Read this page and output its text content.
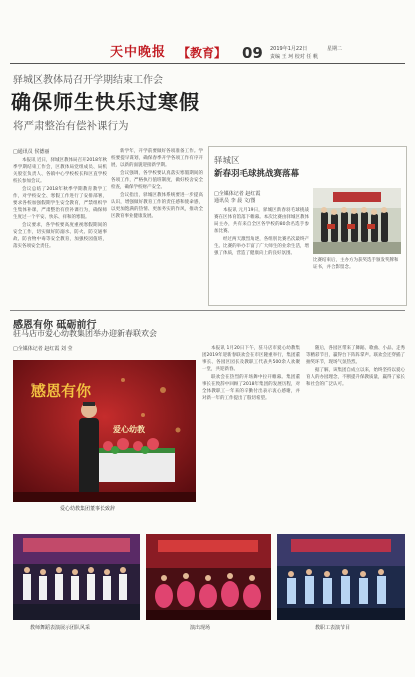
天中晚报 【教育】 09 2019年1月22日	星期二
责编 王 珂 校对 任 帆
驿城区教体局召开学期结束工作会
确保师生快乐过寒假
将严肃整治有偿补课行为
□通讯员 侯德丽

本报讯 近日，驿城区教体局召开2018年秋季学期结束工作会，区教体局党组成员、局机关股室负责人、各镇中心学校校长和区直学校校长参加会议。

会议总结了2018年秋季学期教育教学工作，对学校安全、寒假工作进行了安排部署，要求各校加强假期学生安全教育，严禁组织学生集体补课，严肃整治有偿补课行为，确保师生度过一个平安、快乐、祥和的寒假。

会议要求，各学校要高度重视寒假期间的安全工作，切实做好防溺水、防火、防交通事故、防食物中毒等安全教育，加强校园值班，落实各项安全责任。

新学年，开学前要做好各项准备工作。学校要提早谋划，确保春季开学各项工作有序开展，以新的面貌迎接新学期。

会议强调，各学校要认真落实寒假期间的各项工作，严格执行值班制度，做好校舍安全检查，确保学校财产安全。

会议指出，驿城区教体系统要进一步提高认识，增强做好教育工作的责任感和使命感，以更加饱满的热情、更加务实的作风，推动全区教育事业健康发展。

驿城区
新春羽毛球挑战赛落幕
□全媒体记者 赵红霞
通讯员 李 晨 文/图

本报讯 元月19日，驿城区新春羽毛球挑战赛在区体育馆落下帷幕。本次比赛由驿城区教体局主办，共有来自全区各学校的80余名选手参加比赛。

经过两天激烈角逐，各组别比赛名次最终产生。比赛的举办丰富了广大师生的业余生活，增强了体质，营造了健康向上的良好氛围。

比赛结束后，主办方为获奖选手颁发奖牌和证书，并合影留念。
感恩有你 砥砺前行
驻马店市爱心幼教集团举办迎新春联欢会
□全媒体记者 赵红霞 刘 莹
感恩有你
爱心幼教
爱心幼教集团董事长致辞

本报讯 1月20日下午，驻马店市爱心幼教集团2019年迎新春联欢会在市区隆重举行，集团董事长、各园区园长及教职工代表共500余人欢聚一堂，共迎新春。

联欢会在热烈的开场舞中拉开帷幕。集团董事长在致辞中回顾了2018年集团的发展历程，对全体教职工一年来的辛勤付出表示衷心感谢，并对新一年的工作提出了殷切希望。

随后，各园区带来了舞蹈、歌曲、小品、走秀等精彩节目，赢得台下阵阵掌声。联欢会还穿插了抽奖环节，现场气氛热烈。

据了解，该集团自成立以来，始终坚持以爱心育人的办园理念，不断提升保教质量，赢得了家长和社会的广泛认可。

教师舞蹈表演展示团队风采	演出现场	教职工表演节目
